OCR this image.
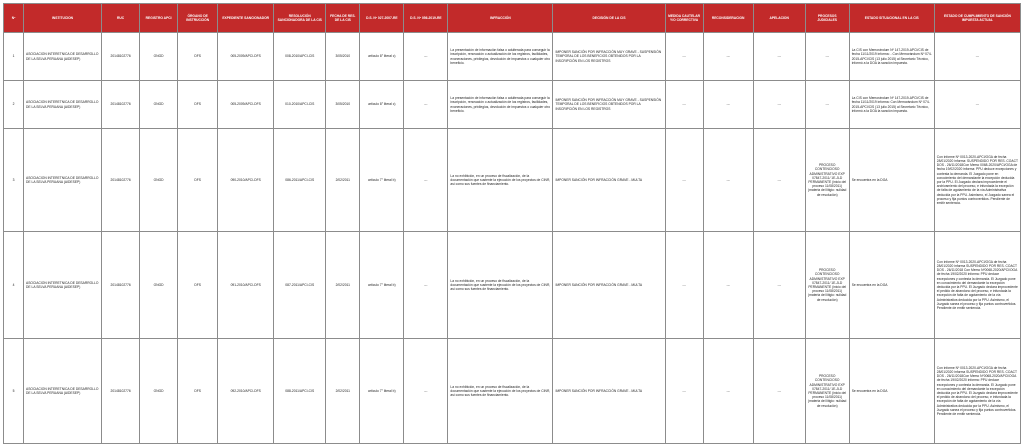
Nº	INSTITUCION	RUC	REGISTRO APCI	ÓRGANO DE INSTRUCCIÓN	EXPEDIENTE SANCIONADOR	RESOLUCIÓN SANCIONADORA DE LA CIS	FECHA DE RES. DE LA CIS	D.S. Nº 027-2007-RE	D.S. Nº 056-2019-RE	INFRACCIÓN	DECISIÓN DE LA CIS	MEDIDA CAUTELAR Y/O CORRECTIVA	RECONSIDERACION	APELACION	PROCESOS JUDICIALES	ESTADO SITUACIONAL EN LA CIS	ESTADO DE CUMPLIMIENTO DE SANCIÓN IMPUESTA ACTUAL
1	ASOCIACION INTERETNICA DE DESARROLLO DE LA SELVA PERUANA (AIDESEP)	20148102776	ONGD	DFS	005-2009/APCI-DFS	008-2010/APCI-CIS	3/05/2010	artículo 8° literal c)	---	La presentación de información falsa o adulterada para conseguir la inscripción, renovación o actualización de los registros, facilidades, exoneraciones, privilegios, devolución de impuestos o cualquier otro beneficio.	IMPONER SANCIÓN POR INFRACCIÓN MUY GRAVE - SUSPENSIÓN TEMPORAL DE LOS BENEFICIOS OBTENIDOS POR LA INSCRIPCIÓN EN LOS REGISTROS	---	---	---	---	La CIS con Memorándum Nº 147-2019-APCI/CIS de fecha 11/11/2019 informa: - Con Memorándum Nº 074-2015-APCI/CIS (13 julio 2015) al Secretario Técnico, informó a la DOA la sanción impuesta.	---
2	ASOCIACION INTERETNICA DE DESARROLLO DE LA SELVA PERUANA (AIDESEP)	20148102776	ONGD	DFS	005-2009/APCI-DFS	010-2010/APCI-CIS	3/05/2010	artículo 8° literal c)	---	La presentación de información falsa o adulterada para conseguir la inscripción, renovación o actualización de los registros, facilidades, exoneraciones, privilegios, devolución de impuestos o cualquier otro beneficio.	IMPONER SANCIÓN POR INFRACCIÓN MUY GRAVE - SUSPENSIÓN TEMPORAL DE LOS BENEFICIOS OBTENIDOS POR LA INSCRIPCIÓN EN LOS REGISTROS	---	---	---	---	La CIS con Memorándum Nº 147-2019-APCI/CIS de fecha 11/11/2019 informa: Con Memorándum Nº 074-2015-APCI/CIS (13 julio 2015) al Secretario Técnico, informó a la DOA la sanción impuesta.	---
3	ASOCIACION INTERETNICA DE DESARROLLO DE LA SELVA PERUANA (AIDESEP)	20148102776	ONGD	DFS	090-2010/APCI-DFS	086-2011/APCI-CIS	2/02/2011	artículo 7° literal b)	---	La no exhibición, en un proceso de fiscalización, de la documentación que sustente la ejecución de los proyectos de CINR, así como sus fuentes de financiamiento.	IMPONER SANCIÓN POR INFRACCIÓN GRAVE - MULTA	---	---	---	PROCESO CONTENCIOSO ADMINISTRATIVO EXP 07847-2011/ 1E-JLD PERMANENTE (inicio del proceso 11/08/2011) (materia del litigio: nulidad de resolución)	Se encuentra en la DGA	Con informe Nº 0013-2020-APCI/OGA de fecha 28/01/2020 informa: SUSPENDIDO POR RES. COACT DOS - 26/11/2018Con Memo 0068-2020/APCI/OGA de fecha 19/02/2020 informa: PPU deduce excepciones y contesta la demanda. El Juzgado pone en conocimiento del demandante la excepción deducida por la PPU. El Juzgado declara improcedente el archivamiento del proceso, e infundada la excepción de falta de agotamiento de la vía Administrativa deducida por la PPU. Asimismo, el Juzgado sanea el proceso y fija puntos controvertidos. Pendiente de emitir sentencia.
4	ASOCIACION INTERETNICA DE DESARROLLO DE LA SELVA PERUANA (AIDESEP)	20148102776	ONGD	DFS	091-2010/APCI-DFS	087-2011/APCI-CIS	2/02/2011	artículo 7° literal b)	---	La no exhibición, en un proceso de fiscalización, de la documentación que sustente la ejecución de los proyectos de CINR, así como sus fuentes de financiamiento.	IMPONER SANCIÓN POR INFRACCIÓN GRAVE - MULTA	---	---	---	PROCESO CONTENCIOSO ADMINISTRATIVO EXP 07847-2011/ 1E-JLD PERMANENTE (inicio del proceso 11/08/2011) (materia del litigio: nulidad de resolución)	Se encuentra en la DGA	Con informe Nº 0013-2020-APCI/OGA de fecha 28/01/2020 informa SUSPENDIDO POR RES. COACT DOS - 26/11/2018 Con Memo Nº0068-2020/APCI/OGA de fecha 19/02/2020 informa: PPU deduce excepciones y contesta la demanda. El Juzgado pone en conocimiento del demandante la excepción deducida por la PPU. El Juzgado declara improcedente el pedido de abandono del proceso, e infundada la excepción de falta de agotamiento de la vía Administrativa deducida por la PPU. Asimismo, el Juzgado sanea el proceso y fija puntos controvertidos. Pendiente de emitir sentencia.
5	ASOCIACION INTERETNICA DE DESARROLLO DE LA SELVA PERUANA (AIDESEP)	20148102776	ONGD	DFS	092-2010/APCI-DFS	088-2011/APCI-CIS	2/02/2011	artículo 7° literal b)	---	La no exhibición, en un proceso de fiscalización, de la documentación que sustente la ejecución de los proyectos de CINR, así como sus fuentes de financiamiento.	IMPONER SANCIÓN POR INFRACCIÓN GRAVE - MULTA	---	---	---	PROCESO CONTENCIOSO ADMINISTRATIVO EXP 07847-2011/ 1E-JLD PERMANENTE (inicio del proceso 11/08/2011) (materia del litigio: nulidad de resolución)	Se encuentra en la DGA	Con informe Nº 0013-2020-APCI/OGA de fecha 28/01/2020 informa SUSPENDIDO POR RES. COACT DOS - 26/11/2018Con Memo Nº0068-2020/APCI/OGA de fecha 19/02/2020 informa: PPU deduce excepciones y contesta la demanda. El Juzgado pone en conocimiento del demandante la excepción deducida por la PPU. El Juzgado declara improcedente el pedido de abandono del proceso, e infundada la excepción de falta de agotamiento de la vía Administrativa deducida por la PPU. Asimismo, el Juzgado sanea el proceso y fija puntos controvertidos. Pendiente de emitir sentencia.
